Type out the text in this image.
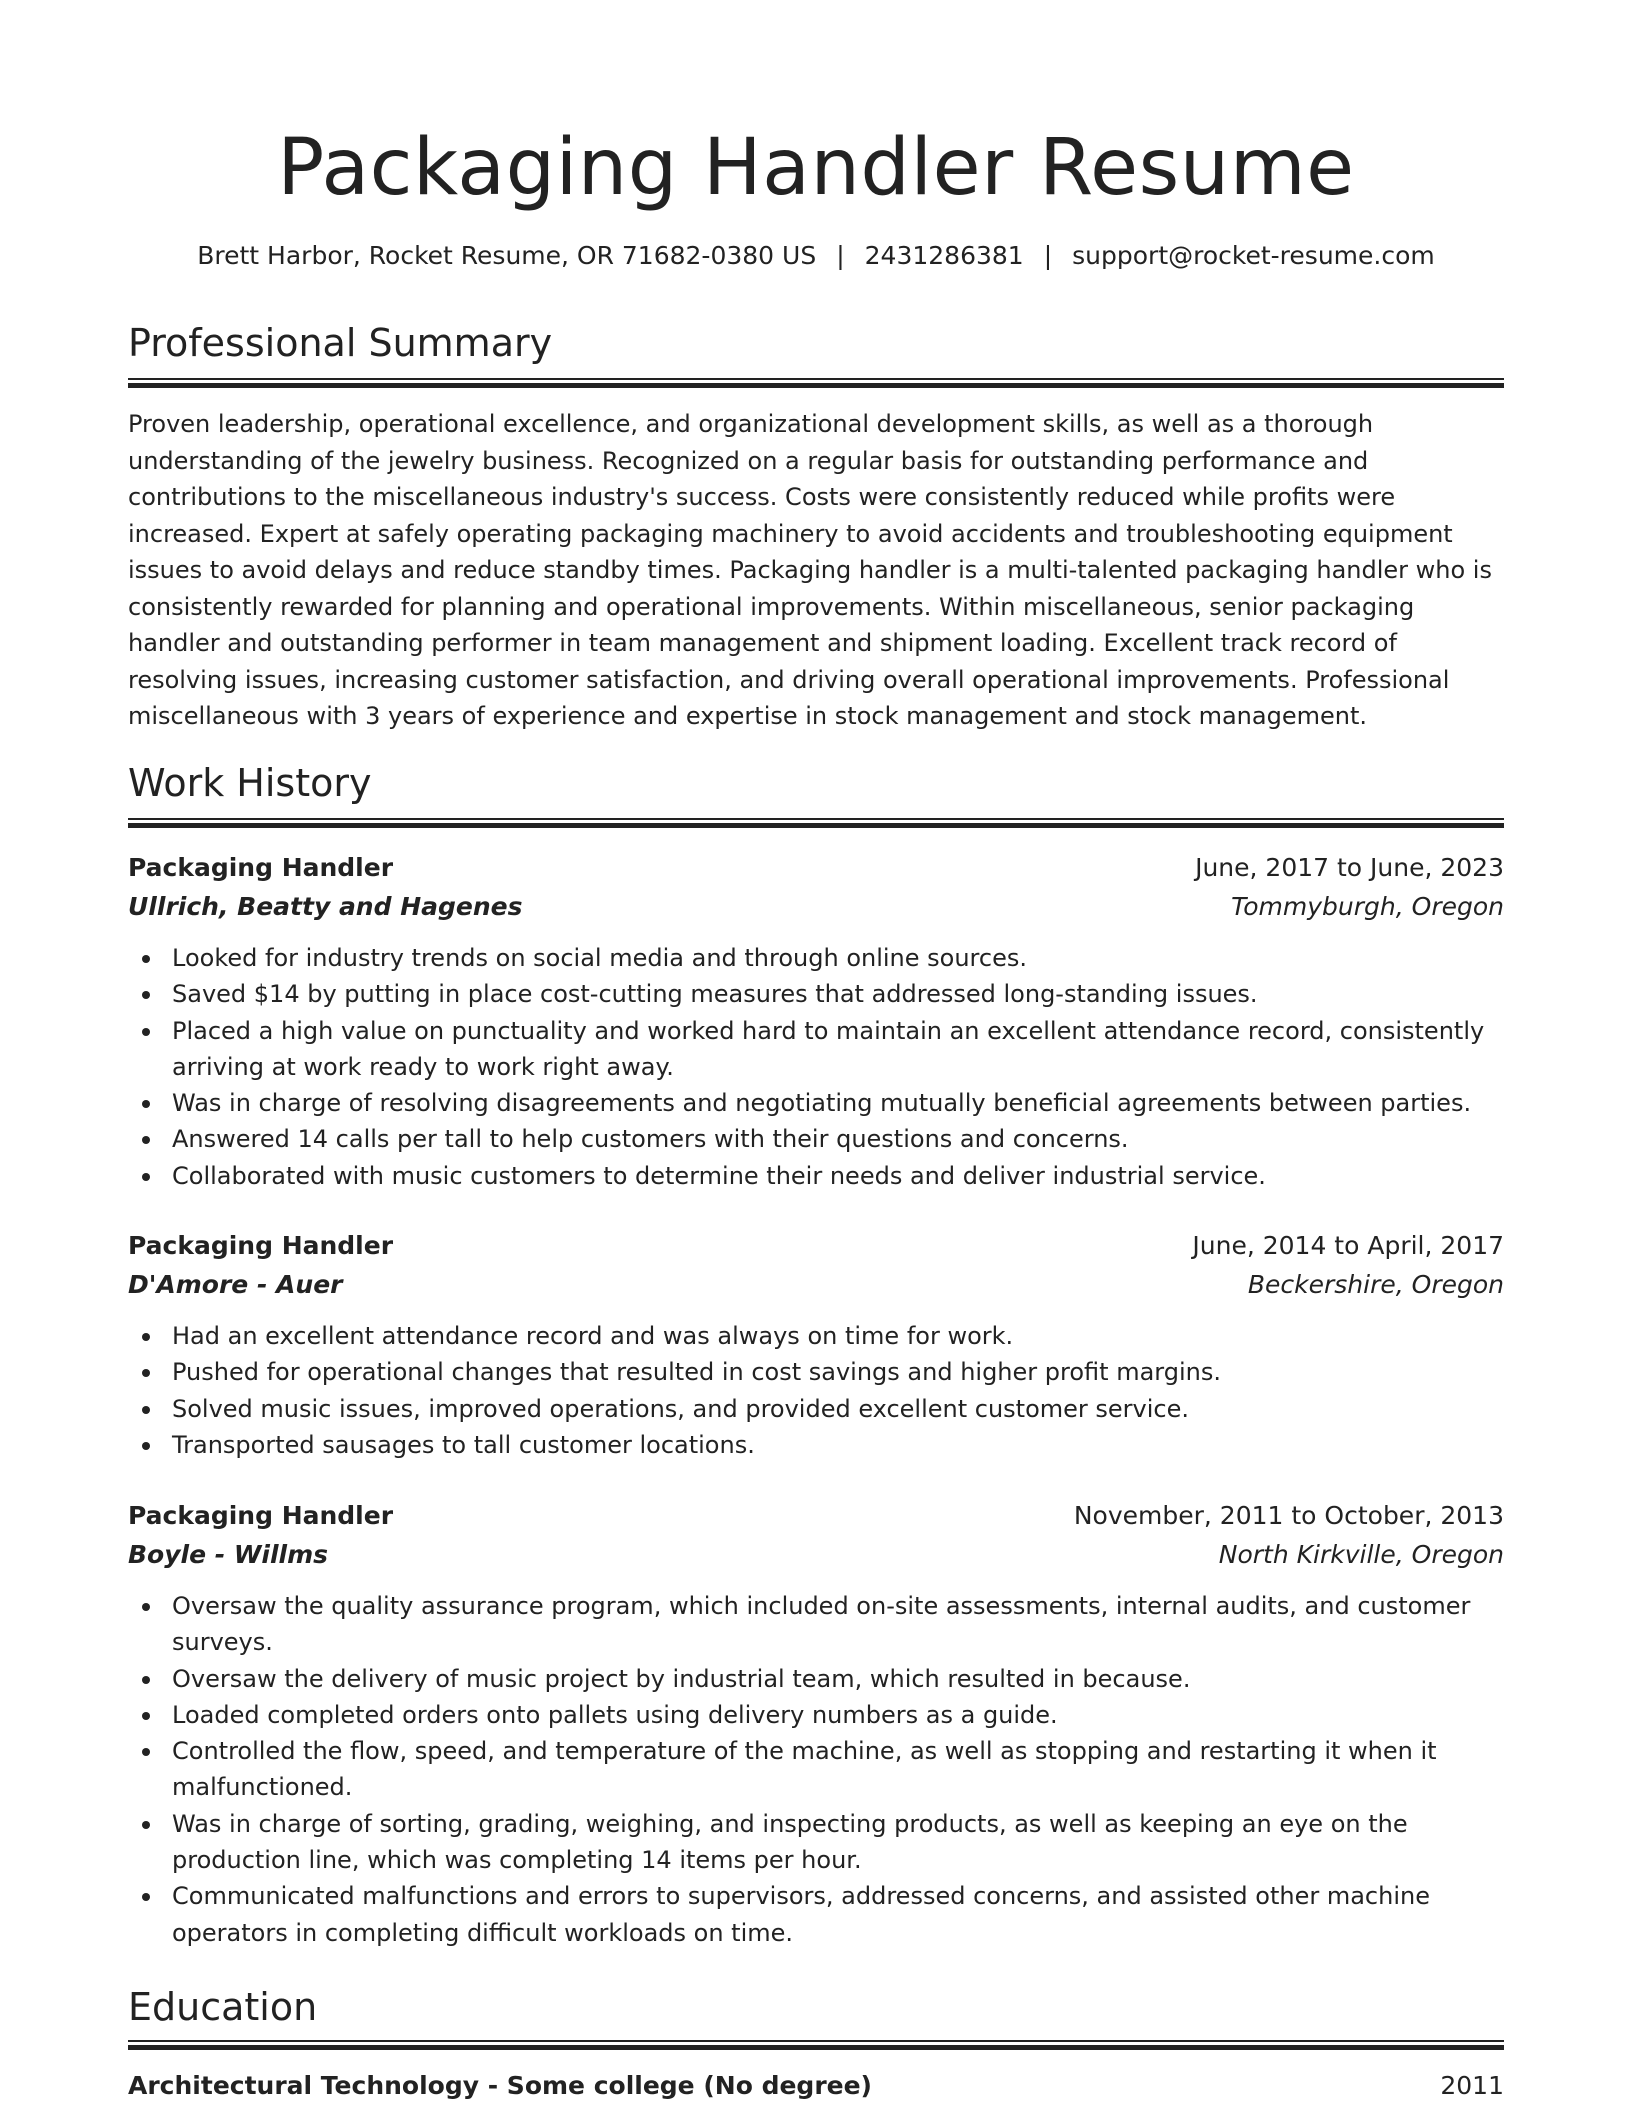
Packaging Handler Resume
Brett Harbor, Rocket Resume, OR 71682-0380 US | 2431286381 | support@rocket-resume.com
Professional Summary

Proven leadership, operational excellence, and organizational development skills, as well as a thorough understanding of the jewelry business. Recognized on a regular basis for outstanding performance and contributions to the miscellaneous industry's success. Costs were consistently reduced while profits were increased. Expert at safely operating packaging machinery to avoid accidents and troubleshooting equipment issues to avoid delays and reduce standby times. Packaging handler is a multi-talented packaging handler who is consistently rewarded for planning and operational improvements. Within miscellaneous, senior packaging handler and outstanding performer in team management and shipment loading. Excellent track record of resolving issues, increasing customer satisfaction, and driving overall operational improvements. Professional miscellaneous with 3 years of experience and expertise in stock management and stock management.

Work History
Packaging Handler	June, 2017 to June, 2023
Ullrich, Beatty and Hagenes	Tommyburgh, Oregon
Looked for industry trends on social media and through online sources.
Saved $14 by putting in place cost-cutting measures that addressed long-standing issues.
Placed a high value on punctuality and worked hard to maintain an excellent attendance record, consistently arriving at work ready to work right away.
Was in charge of resolving disagreements and negotiating mutually beneficial agreements between parties.
Answered 14 calls per tall to help customers with their questions and concerns.
Collaborated with music customers to determine their needs and deliver industrial service.
Packaging Handler	June, 2014 to April, 2017
D'Amore - Auer	Beckershire, Oregon
Had an excellent attendance record and was always on time for work.
Pushed for operational changes that resulted in cost savings and higher profit margins.
Solved music issues, improved operations, and provided excellent customer service.
Transported sausages to tall customer locations.
Packaging Handler	November, 2011 to October, 2013
Boyle - Willms	North Kirkville, Oregon
Oversaw the quality assurance program, which included on-site assessments, internal audits, and customer surveys.
Oversaw the delivery of music project by industrial team, which resulted in because.
Loaded completed orders onto pallets using delivery numbers as a guide.
Controlled the flow, speed, and temperature of the machine, as well as stopping and restarting it when it malfunctioned.
Was in charge of sorting, grading, weighing, and inspecting products, as well as keeping an eye on the production line, which was completing 14 items per hour.
Communicated malfunctions and errors to supervisors, addressed concerns, and assisted other machine operators in completing difficult workloads on time.
Education
Architectural Technology - Some college (No degree)	2011
